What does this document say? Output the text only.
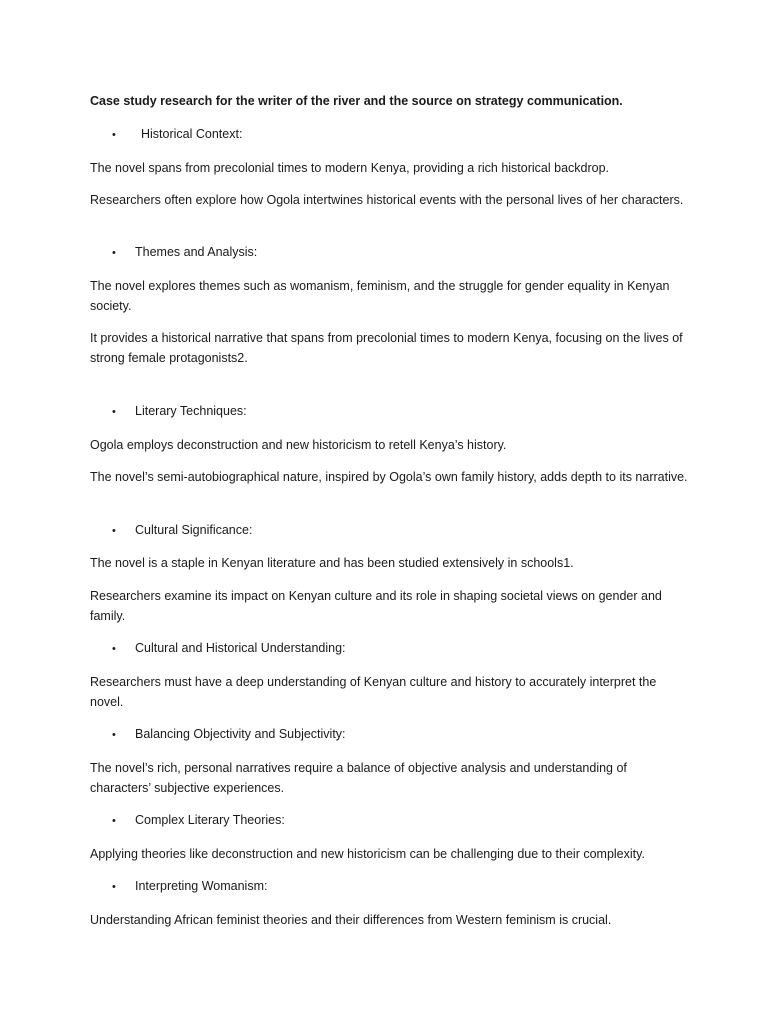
Case study research for the writer of the river and the source on strategy communication.
• Historical Context:
The novel spans from precolonial times to modern Kenya, providing a rich historical backdrop.
Researchers often explore how Ogola intertwines historical events with the personal lives of her characters.
• Themes and Analysis:
The novel explores themes such as womanism, feminism, and the struggle for gender equality in Kenyan society.
It provides a historical narrative that spans from precolonial times to modern Kenya, focusing on the lives of strong female protagonists2.
• Literary Techniques:
Ogola employs deconstruction and new historicism to retell Kenya’s history.
The novel’s semi-autobiographical nature, inspired by Ogola’s own family history, adds depth to its narrative.
• Cultural Significance:
The novel is a staple in Kenyan literature and has been studied extensively in schools1.
Researchers examine its impact on Kenyan culture and its role in shaping societal views on gender and family.
• Cultural and Historical Understanding:
Researchers must have a deep understanding of Kenyan culture and history to accurately interpret the novel.
• Balancing Objectivity and Subjectivity:
The novel’s rich, personal narratives require a balance of objective analysis and understanding of characters’ subjective experiences.
• Complex Literary Theories:
Applying theories like deconstruction and new historicism can be challenging due to their complexity.
• Interpreting Womanism:
Understanding African feminist theories and their differences from Western feminism is crucial.
